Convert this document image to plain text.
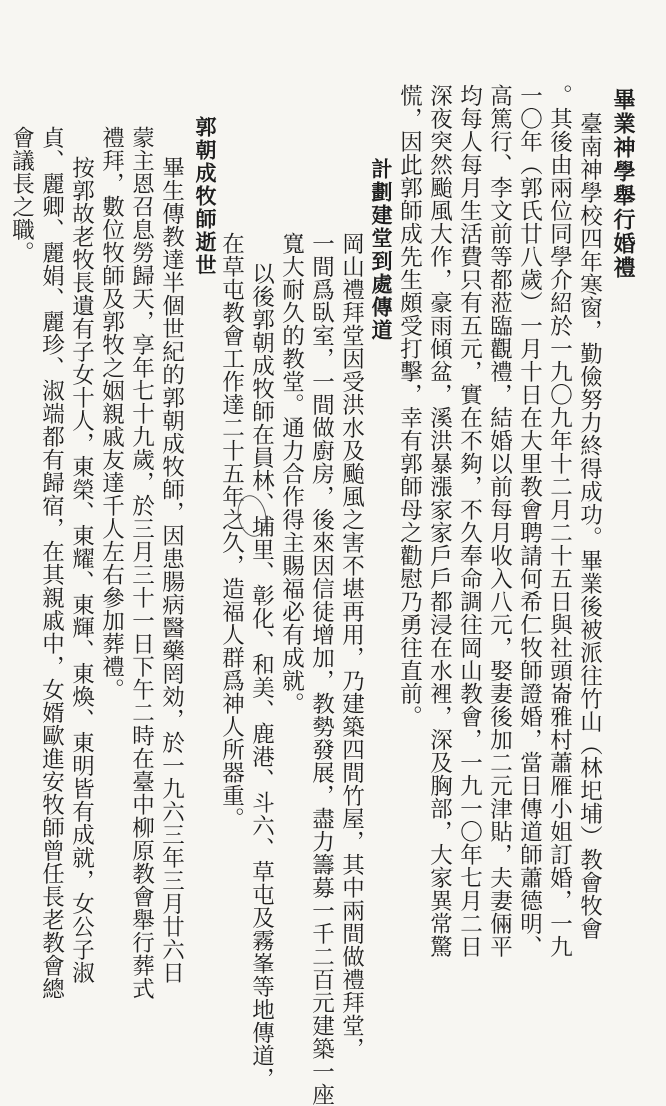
畢業神學舉行婚禮
臺南神學校四年寒窗，勤儉努力終得成功。畢業後被派往竹山（林圯埔）教會牧會
。其後由兩位同學介紹於一九〇九年十二月二十五日與社頭崙雅村蕭雁小姐訂婚，一九
一〇年（郭氏廿八歲）一月十日在大里教會聘請何希仁牧師證婚，當日傳道師蕭德明、
高篤行、李文前等都蒞臨觀禮，結婚以前每月收入八元，娶妻後加二元津貼，夫妻倆平
均每人每月生活費只有五元，實在不夠，不久奉命調往岡山教會，一九一〇年七月二日
深夜突然颱風大作，豪雨傾盆，溪洪暴漲家家戶戶都浸在水裡，深及胸部，大家異常驚
慌，因此郭師成先生頗受打擊，幸有郭師母之勸慰乃勇往直前。
計劃建堂到處傳道
岡山禮拜堂因受洪水及颱風之害不堪再用，乃建築四間竹屋，其中兩間做禮拜堂，
一間爲臥室，一間做廚房，後來因信徒增加，教勢發展，盡力籌募一千二百元建築一座
寬大耐久的教堂。通力合作得主賜福必有成就。
以後郭朝成牧師在員林、埔里、彰化、和美、鹿港、斗六、草屯及霧峯等地傳道，
在草屯教會工作達二十五年之久，造福人群爲神人所器重。
郭朝成牧師逝世
畢生傳教達半個世紀的郭朝成牧師，因患腸病醫藥罔効，於一九六三年三月廿六日
蒙主恩召息勞歸天，享年七十九歲，於三月三十一日下午二時在臺中柳原教會舉行葬式
禮拜，數位牧師及郭牧之姻親戚友達千人左右參加葬禮。
按郭故老牧長遺有子女十人，東榮、東耀、東輝、東煥、東明皆有成就，女公子淑
貞、麗卿、麗娟、麗珍、淑端都有歸宿，在其親戚中，女婿歐進安牧師曾任長老教會總
會議長之職。
